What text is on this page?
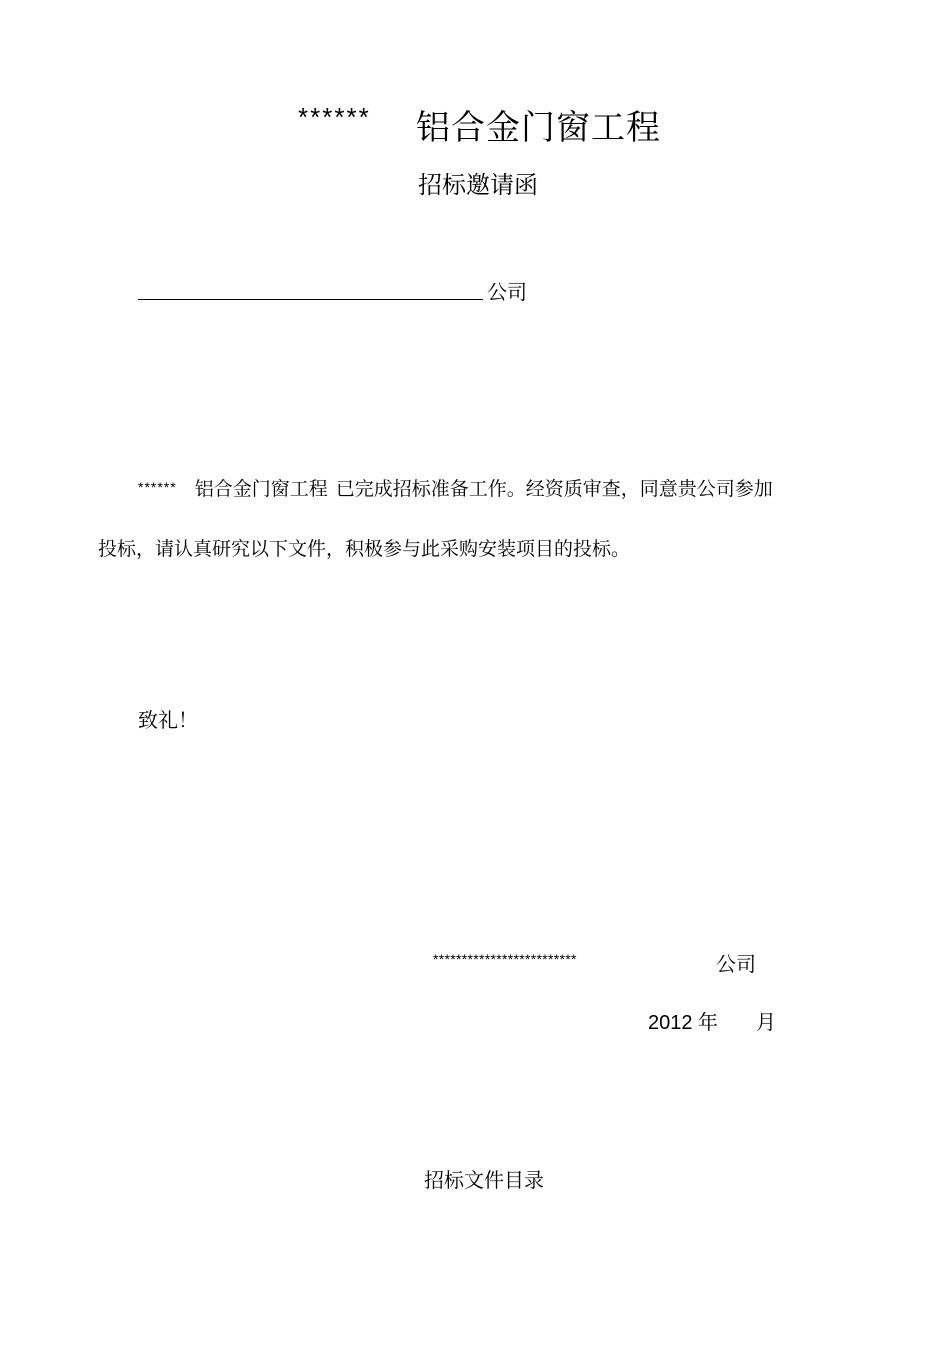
****** 铝合金门窗工程
招标邀请函
公司
****** 铝合金门窗工程 已完成招标准备工作。经资质审查，同意贵公司参加
投标，请认真研究以下文件，积极参与此采购安装项目的投标。
致礼！
*************************	公司
2012 年 月
招标文件目录
